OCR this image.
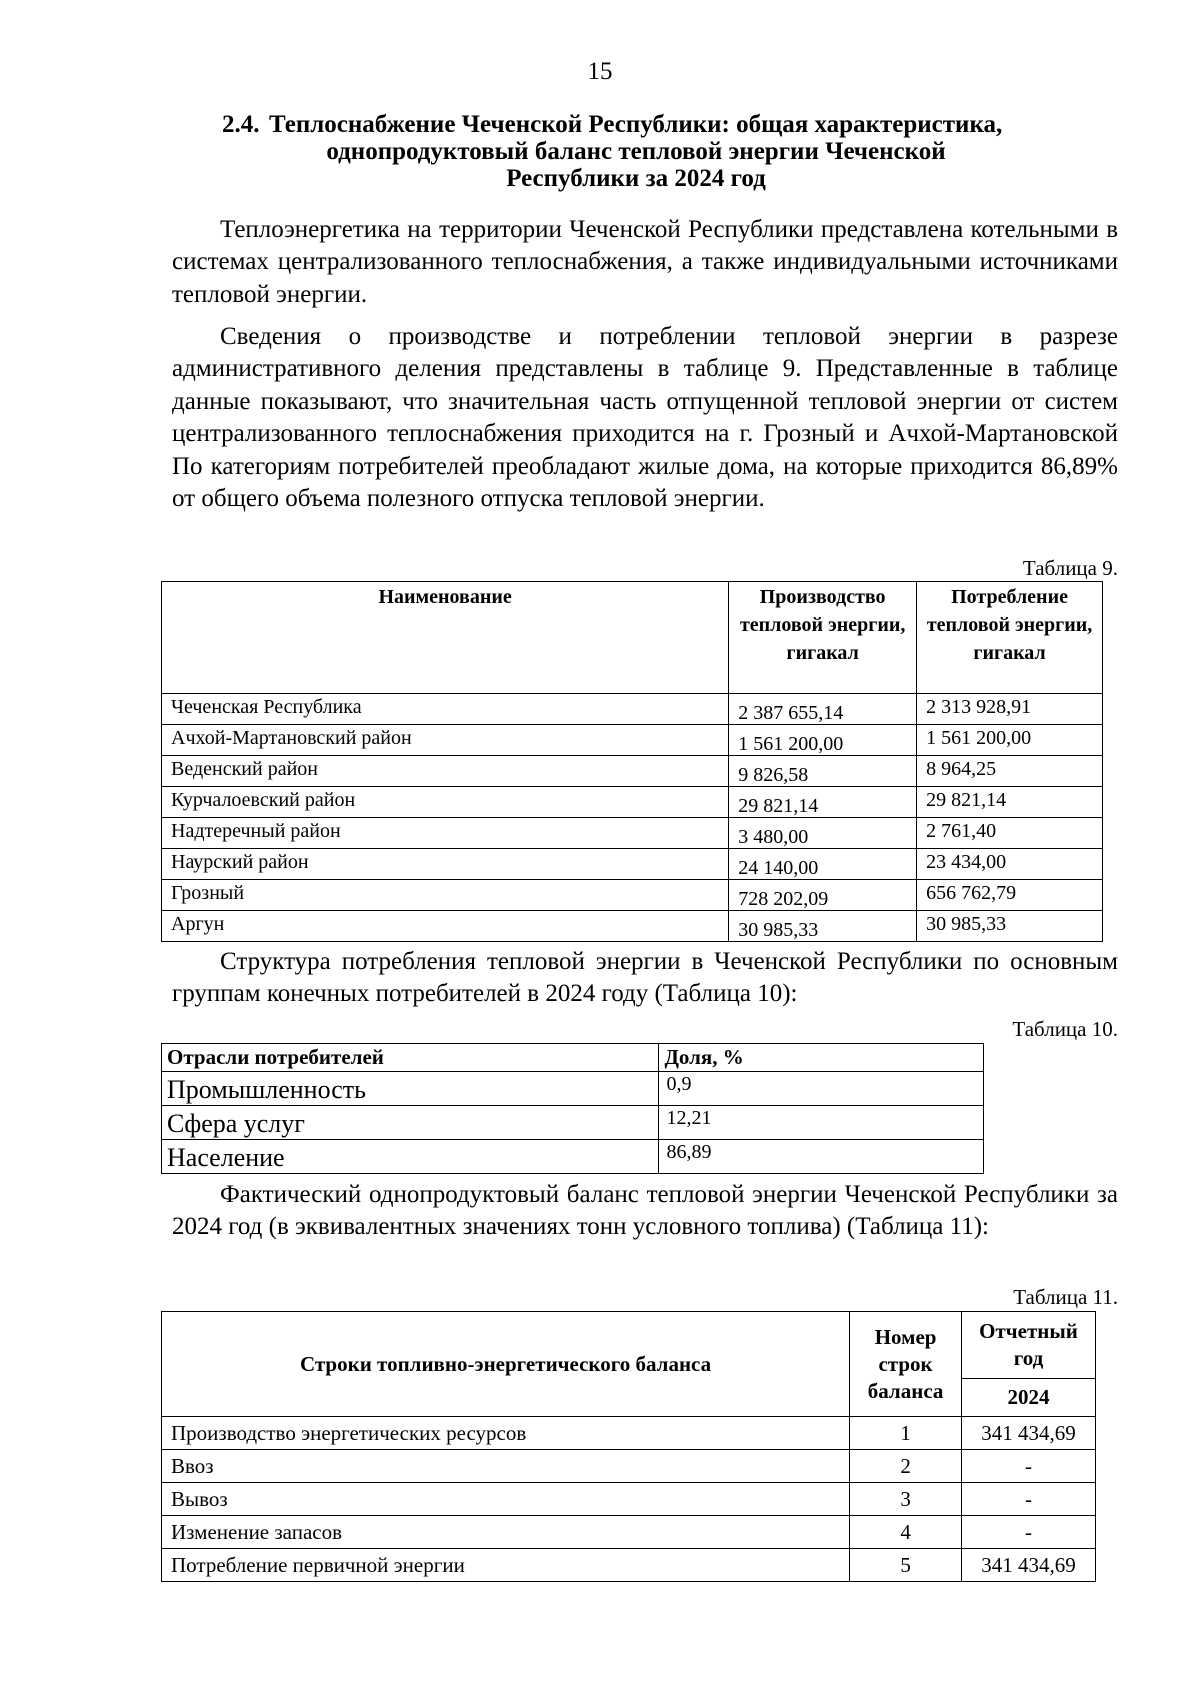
15
2.4. Теплоснабжение Чеченской Республики: общая характеристика,
однопродуктовый баланс тепловой энергии Чеченской
Республики за 2024 год

Теплоэнергетика на территории Чеченской Республики представлена котельными в системах централизованного теплоснабжения, а также индивидуальными источниками тепловой энергии.

Сведения о производстве и потреблении тепловой энергии в разрезе административного деления представлены в таблице 9. Представленные в таблице данные показывают, что значительная часть отпущенной тепловой энергии от систем централизованного теплоснабжения приходится на г. Грозный и Ачхой-Мартановской По категориям потребителей преобладают жилые дома, на которые приходится 86,89% от общего объема полезного отпуска тепловой энергии.

Таблица 9.
Наименование	Производство тепловой энергии, гигакал	Потребление тепловой энергии, гигакал
Чеченская Республика	2 387 655,14	2 313 928,91
Ачхой-Мартановский район	1 561 200,00	1 561 200,00
Веденский район	9 826,58	8 964,25
Курчалоевский район	29 821,14	29 821,14
Надтеречный район	3 480,00	2 761,40
Наурский район	24 140,00	23 434,00
Грозный	728 202,09	656 762,79
Аргун	30 985,33	30 985,33

Структура потребления тепловой энергии в Чеченской Республики по основным группам конечных потребителей в 2024 году (Таблица 10):

Таблица 10.
Отрасли потребителей	Доля, %
Промышленность	0,9
Сфера услуг	12,21
Население	86,89

Фактический однопродуктовый баланс тепловой энергии Чеченской Республики за 2024 год (в эквивалентных значениях тонн условного топлива) (Таблица 11):

Таблица 11.
Строки топливно-энергетического баланса	Номер строк баланса	Отчетный год
		2024
Производство энергетических ресурсов	1	341 434,69
Ввоз	2	-
Вывоз	3	-
Изменение запасов	4	-
Потребление первичной энергии	5	341 434,69
